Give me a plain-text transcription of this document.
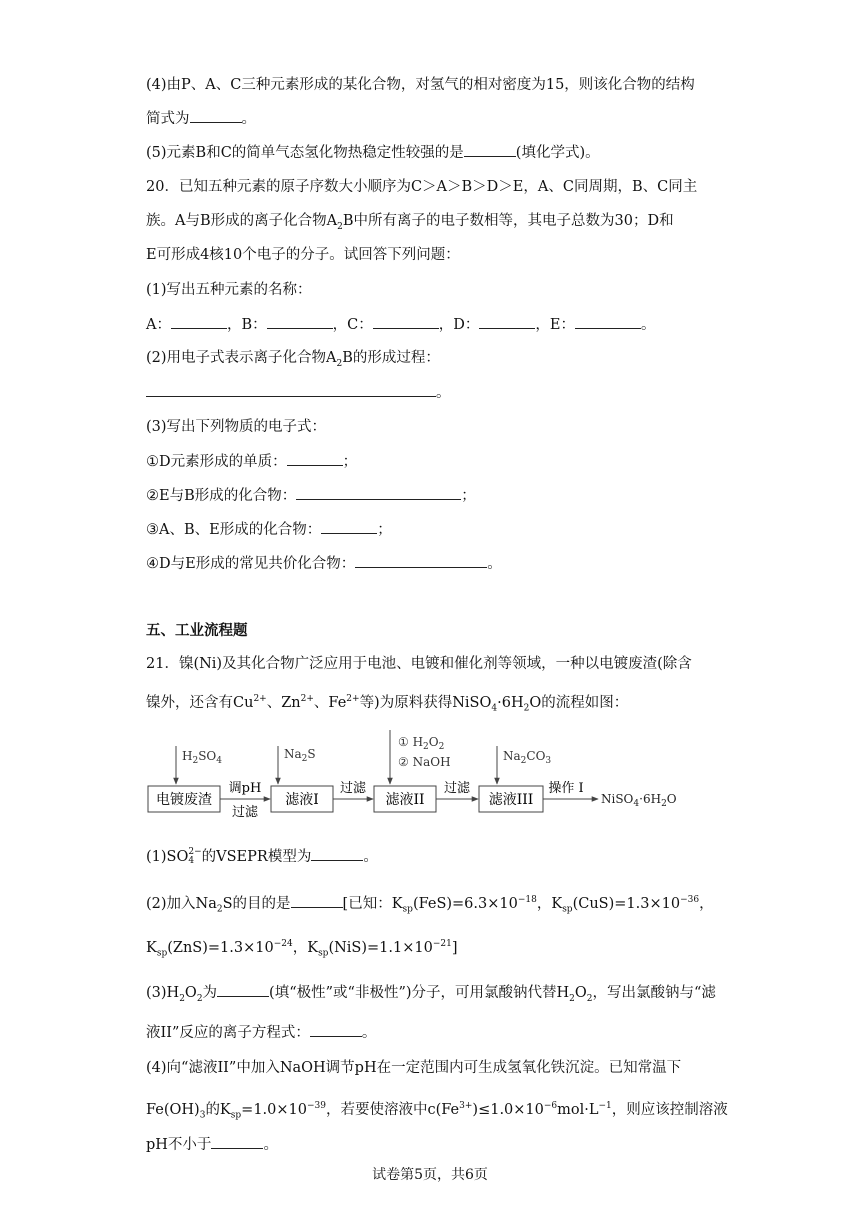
(4)由P、A、C三种元素形成的某化合物，对氢气的相对密度为15，则该化合物的结构
简式为	。
(5)元素B和C的简单气态氢化物热稳定性较强的是	(填化学式)。
20．已知五种元素的原子序数大小顺序为C＞A＞B＞D＞E，A、C同周期，B、C同主
族。A与B形成的离子化合物$A_2B$中所有离子的电子数相等，其电子总数为30；D和
E可形成4核10个电子的分子。试回答下列问题：
(1)写出五种元素的名称：
A：	，B：	，C：	，D：	，E：	。
(2)用电子式表示离子化合物$A_2B$的形成过程：
。
(3)写出下列物质的电子式：
①D元素形成的单质：	；
②E与B形成的化合物：	；
③A、B、E形成的化合物：	；
④D与E形成的常见共价化合物：	。
五、工业流程题
21．镍(Ni)及其化合物广泛应用于电池、电镀和催化剂等领域，一种以电镀废渣(除含
镍外，还含有$Cu^{2+}$、$Zn^{2+}$、$Fe^{2+}$等)为原料获得$NiSO_4\cdot 6H_2O$的流程如图：
电镀废渣
$H_2SO_4$
调pH
过滤
滤液I
$Na_2S$
过滤
滤液II
① $H_2O_2$
② NaOH
过滤
滤液III
$Na_2CO_3$
操作 I
$NiSO_4\cdot 6H_2O$
(1)SO 2−
4 的VSEPR模型为	。
(2)加入$Na_2S$的目的是	[已知：$K_{sp}(FeS)=6.3\times 10^{-18}$，$K_{sp}(CuS)=1.3\times 10^{-36}$，
$K_{sp}(ZnS)=1.3\times 10^{-24}$，$K_{sp}(NiS)=1.1\times 10^{-21}$]
$(3)H_2O_2$为	(填“极性”或“非极性”)分子，可用氯酸钠代替$H_2O_2$，写出氯酸钠与“滤
液II”反应的离子方程式：	。
(4)向“滤液II”中加入NaOH调节pH在一定范围内可生成氢氧化铁沉淀。已知常温下
$Fe(OH)_3$的$K_{sp}=1.0\times 10^{-39}$，若要使溶液中$c(Fe^{3+})\le 1.0\times 10^{-6}mol\cdot L^{-1}$，则应该控制溶液
pH不小于	。
试卷第5页，共6页
